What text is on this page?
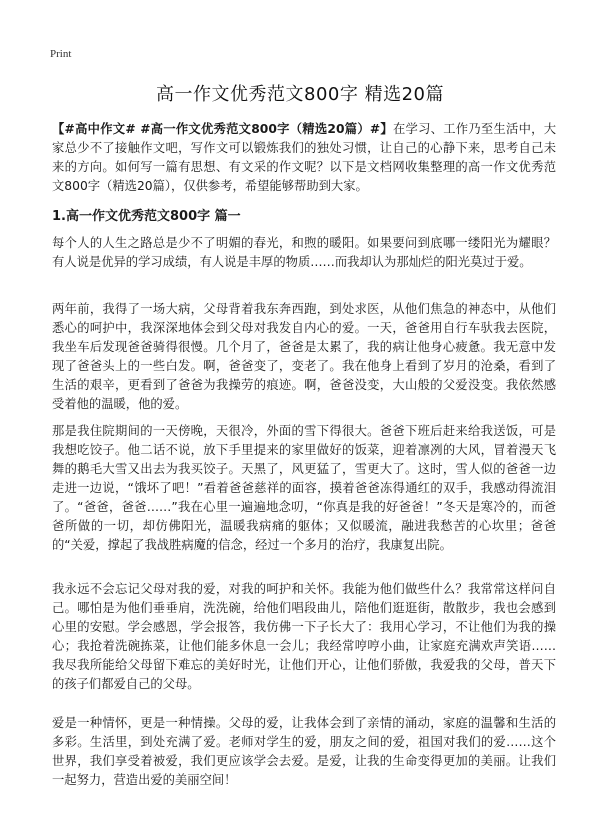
Print
高一作文优秀范文800字 精选20篇
【#高中作文# #高一作文优秀范文800字（精选20篇）#】在学习、工作乃至生活中，大家总少不了接触作文吧，写作文可以锻炼我们的独处习惯，让自己的心静下来，思考自己未来的方向。如何写一篇有思想、有文采的作文呢？以下是文档网收集整理的高一作文优秀范文800字（精选20篇），仅供参考，希望能够帮助到大家。
1.高一作文优秀范文800字 篇一
每个人的人生之路总是少不了明媚的春光，和煦的暖阳。如果要问到底哪一缕阳光为耀眼？有人说是优异的学习成绩，有人说是丰厚的物质……而我却认为那灿烂的阳光莫过于爱。
两年前，我得了一场大病，父母背着我东奔西跑，到处求医，从他们焦急的神态中，从他们悉心的呵护中，我深深地体会到父母对我发自内心的爱。一天，爸爸用自行车驮我去医院，我坐车后发现爸爸骑得很慢。几个月了，爸爸是太累了，我的病让他身心疲惫。我无意中发现了爸爸头上的一些白发。啊，爸爸变了，变老了。我在他身上看到了岁月的沧桑，看到了生活的艰辛，更看到了爸爸为我操劳的痕迹。啊，爸爸没变，大山般的父爱没变。我依然感受着他的温暖，他的爱。
那是我住院期间的一天傍晚，天很冷，外面的雪下得很大。爸爸下班后赶来给我送饭，可是我想吃饺子。他二话不说，放下手里提来的家里做好的饭菜，迎着凛冽的大风，冒着漫天飞舞的鹅毛大雪又出去为我买饺子。天黑了，风更猛了，雪更大了。这时，雪人似的爸爸一边走进一边说，“饿坏了吧！”看着爸爸慈祥的面容，摸着爸爸冻得通红的双手，我感动得流泪了。“爸爸，爸爸……”我在心里一遍遍地念叨，“你真是我的好爸爸！”冬天是寒冷的，而爸爸所做的一切，却仿佛阳光，温暖我病痛的躯体；又似暖流，融进我愁苦的心坎里；爸爸的“关爱，撑起了我战胜病魔的信念，经过一个多月的治疗，我康复出院。
我永远不会忘记父母对我的爱，对我的呵护和关怀。我能为他们做些什么？我常常这样问自己。哪怕是为他们垂垂肩，洗洗碗，给他们唱段曲儿，陪他们逛逛街，散散步，我也会感到心里的安慰。学会感恩，学会报答，我仿佛一下子长大了：我用心学习，不让他们为我的操心；我抢着洗碗拣菜，让他们能多休息一会儿；我经常哼哼小曲，让家庭充满欢声笑语……我尽我所能给父母留下难忘的美好时光，让他们开心，让他们骄傲，我爱我的父母，普天下的孩子们都爱自己的父母。
爱是一种情怀，更是一种情操。父母的爱，让我体会到了亲情的涌动，家庭的温馨和生活的多彩。生活里，到处充满了爱。老师对学生的爱，朋友之间的爱，祖国对我们的爱……这个世界，我们享受着被爱，我们更应该学会去爱。是爱，让我的生命变得更加的美丽。让我们一起努力，营造出爱的美丽空间！
